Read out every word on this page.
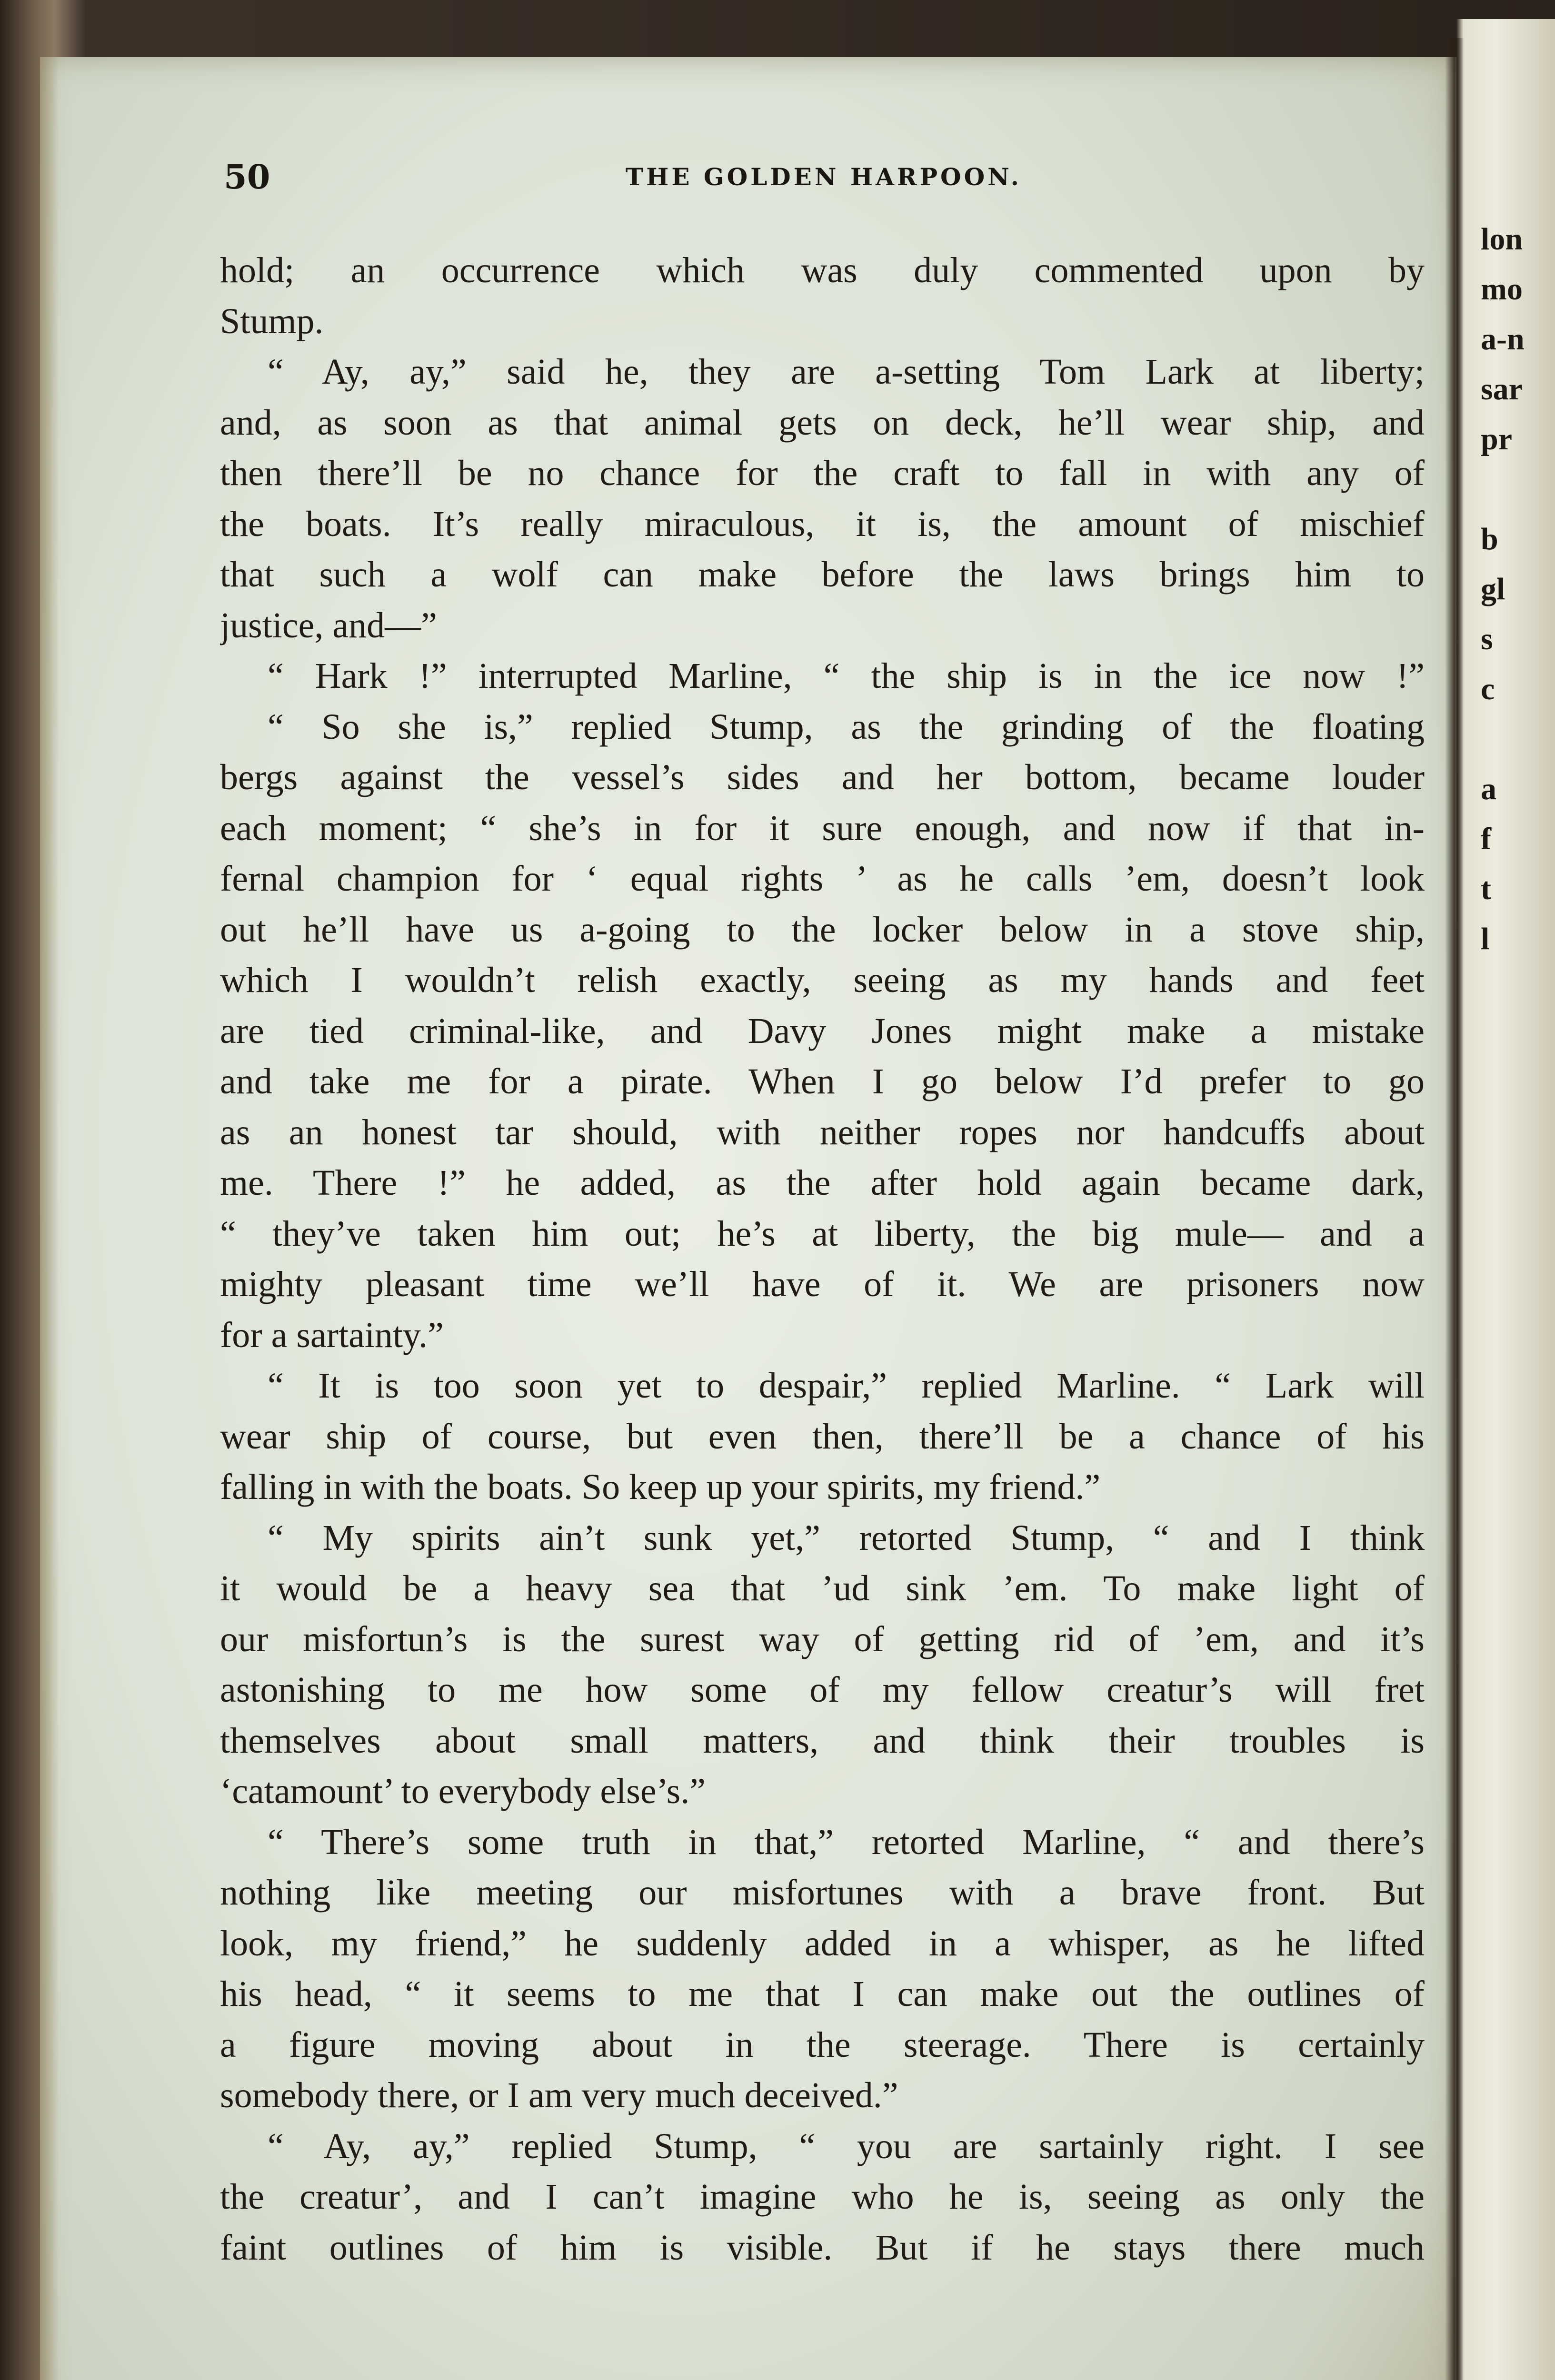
50	THE GOLDEN HARPOON.
hold; an occurrence which was duly commented upon by
Stump.
“ Ay, ay,” said he, they are a-setting Tom Lark at liberty;
and, as soon as that animal gets on deck, he’ll wear ship, and
then there’ll be no chance for the craft to fall in with any of
the boats. It’s really miraculous, it is, the amount of mischief
that such a wolf can make before the laws brings him to
justice, and—”
“ Hark !” interrupted Marline, “ the ship is in the ice now !”
“ So she is,” replied Stump, as the grinding of the floating
bergs against the vessel’s sides and her bottom, became louder
each moment; “ she’s in for it sure enough, and now if that in-
fernal champion for ‘ equal rights ’ as he calls ’em, doesn’t look
out he’ll have us a-going to the locker below in a stove ship,
which I wouldn’t relish exactly, seeing as my hands and feet
are tied criminal-like, and Davy Jones might make a mistake
and take me for a pirate. When I go below I’d prefer to go
as an honest tar should, with neither ropes nor handcuffs about
me. There !” he added, as the after hold again became dark,
“ they’ve taken him out; he’s at liberty, the big mule— and a
mighty pleasant time we’ll have of it. We are prisoners now
for a sartainty.”
“ It is too soon yet to despair,” replied Marline. “ Lark will
wear ship of course, but even then, there’ll be a chance of his
falling in with the boats. So keep up your spirits, my friend.”
“ My spirits ain’t sunk yet,” retorted Stump, “ and I think
it would be a heavy sea that ’ud sink ’em. To make light of
our misfortun’s is the surest way of getting rid of ’em, and it’s
astonishing to me how some of my fellow creatur’s will fret
themselves about small matters, and think their troubles is
‘catamount’ to everybody else’s.”
“ There’s some truth in that,” retorted Marline, “ and there’s
nothing like meeting our misfortunes with a brave front. But
look, my friend,” he suddenly added in a whisper, as he lifted
his head, “ it seems to me that I can make out the outlines of
a figure moving about in the steerage. There is certainly
somebody there, or I am very much deceived.”
“ Ay, ay,” replied Stump, “ you are sartainly right. I see
the creatur’, and I can’t imagine who he is, seeing as only the
faint outlines of him is visible. But if he stays there much
lon
mo
a-n
sar
pr
b
gl
s
c
a
f
t
l
